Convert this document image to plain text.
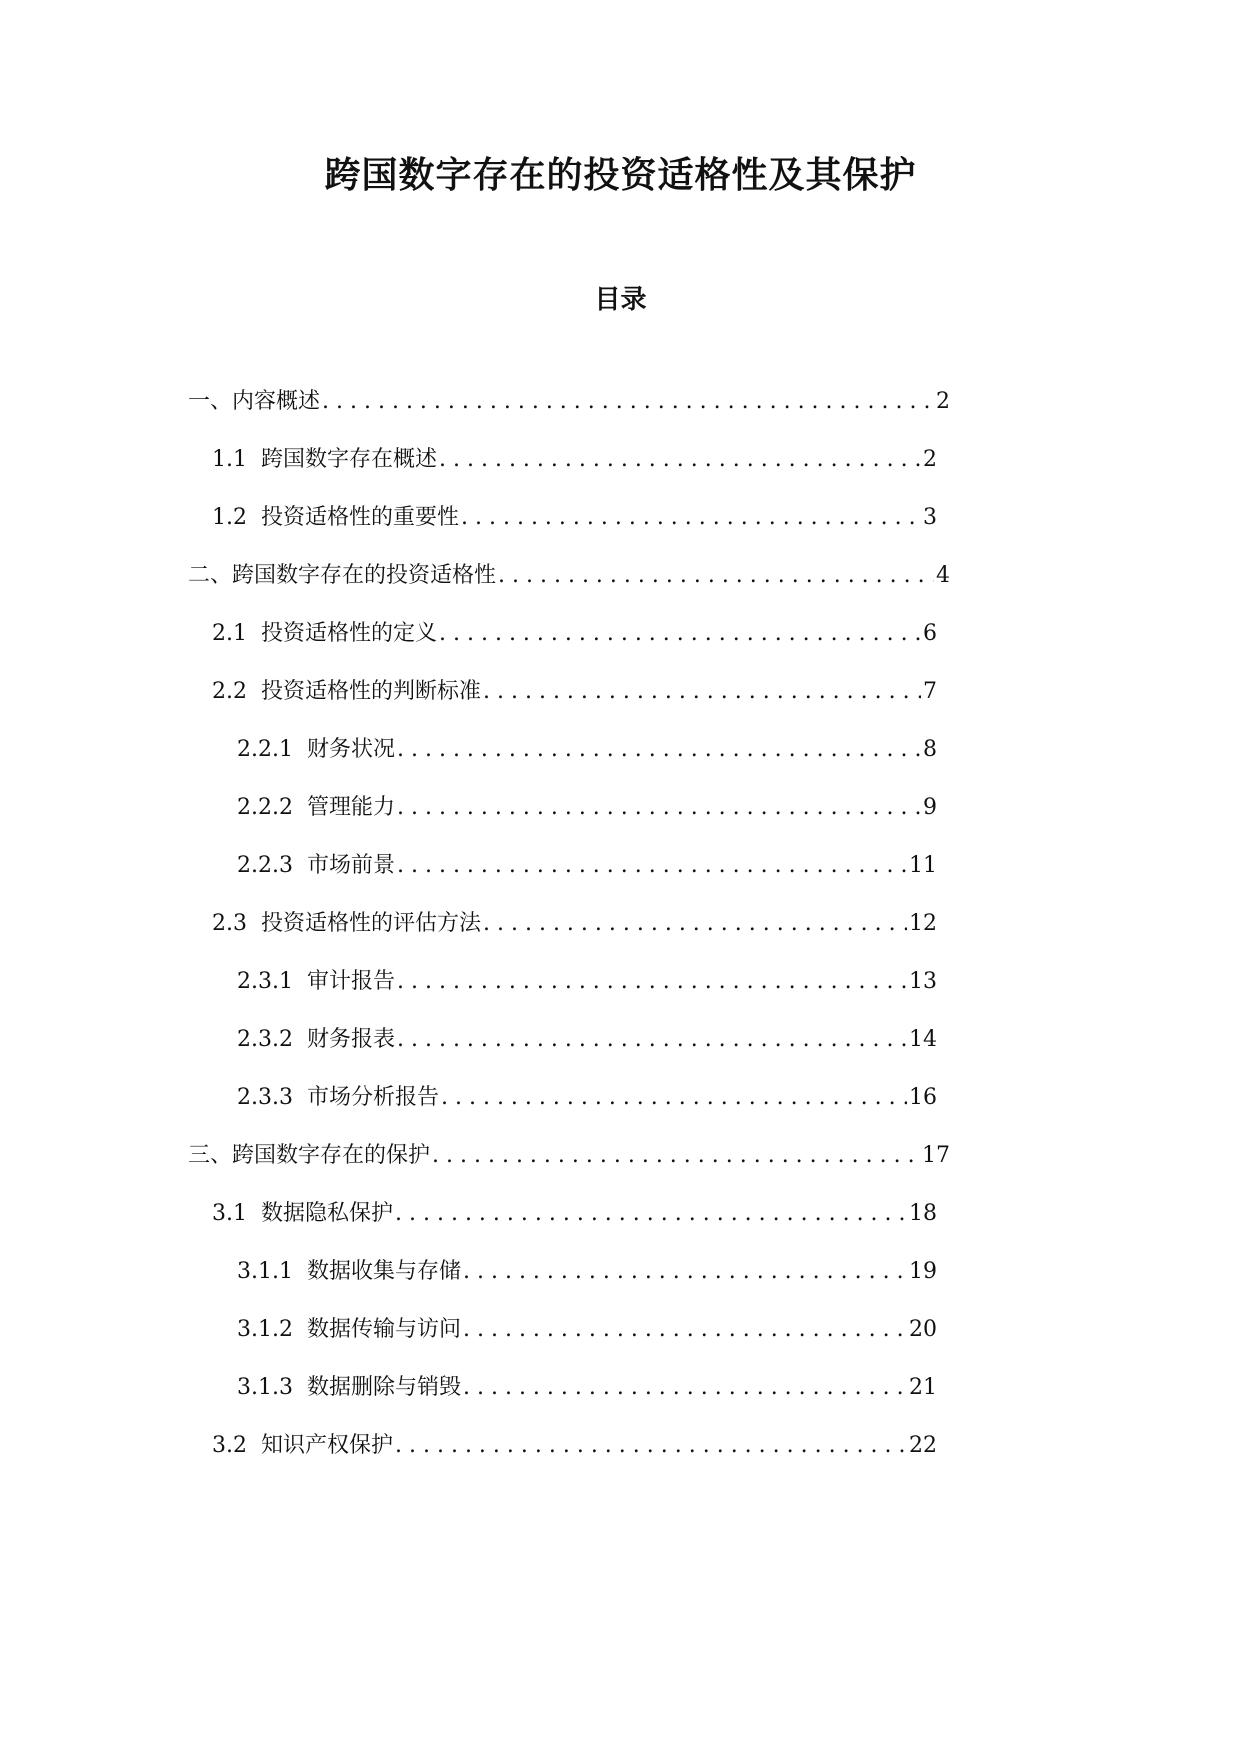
跨国数字存在的投资适格性及其保护
目录
一、 内容概述 . . .	2
1.1 跨国数字存在概述 . . .	2
1.2 投资适格性的重要性 . . .	3
二、 跨国数字存在的投资适格性 . . .	4
2.1 投资适格性的定义 . . .	6
2.2 投资适格性的判断标准 . . .	7
2.2.1 财务状况 . . .	8
2.2.2 管理能力 . . .	9
2.2.3 市场前景 . . .	11
2.3 投资适格性的评估方法 . . .	12
2.3.1 审计报告 . . .	13
2.3.2 财务报表 . . .	14
2.3.3 市场分析报告 . . .	16
三、 跨国数字存在的保护 . . .	17
3.1 数据隐私保护 . . .	18
3.1.1 数据收集与存储 . . .	19
3.1.2 数据传输与访问 . . .	20
3.1.3 数据删除与销毁 . . .	21
3.2 知识产权保护 . . .	22
